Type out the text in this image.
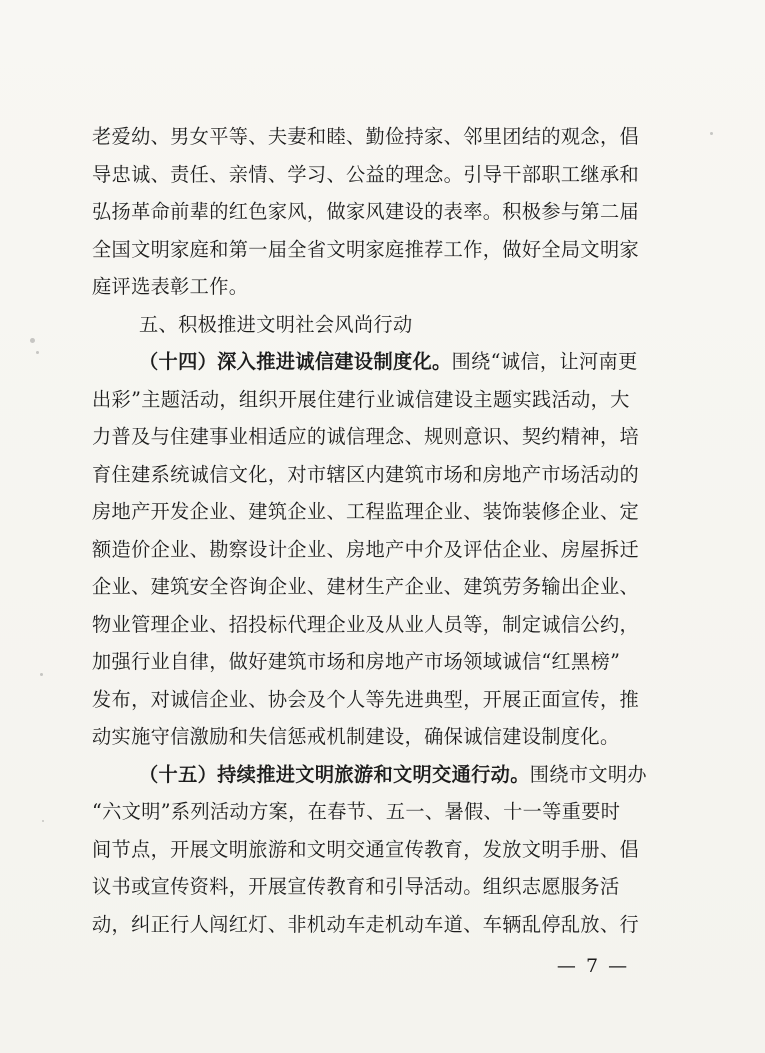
老爱幼、男女平等、夫妻和睦、勤俭持家、邻里团结的观念，倡
导忠诚、责任、亲情、学习、公益的理念。引导干部职工继承和
弘扬革命前辈的红色家风，做家风建设的表率。积极参与第二届
全国文明家庭和第一届全省文明家庭推荐工作，做好全局文明家
庭评选表彰工作。
五、积极推进文明社会风尚行动
（十四）深入推进诚信建设制度化。围绕“诚信，让河南更
出彩”主题活动，组织开展住建行业诚信建设主题实践活动，大
力普及与住建事业相适应的诚信理念、规则意识、契约精神，培
育住建系统诚信文化，对市辖区内建筑市场和房地产市场活动的
房地产开发企业、建筑企业、工程监理企业、装饰装修企业、定
额造价企业、勘察设计企业、房地产中介及评估企业、房屋拆迁
企业、建筑安全咨询企业、建材生产企业、建筑劳务输出企业、
物业管理企业、招投标代理企业及从业人员等，制定诚信公约，
加强行业自律，做好建筑市场和房地产市场领域诚信“红黑榜”
发布，对诚信企业、协会及个人等先进典型，开展正面宣传，推
动实施守信激励和失信惩戒机制建设，确保诚信建设制度化。
（十五）持续推进文明旅游和文明交通行动。围绕市文明办
“六文明”系列活动方案，在春节、五一、暑假、十一等重要时
间节点，开展文明旅游和文明交通宣传教育，发放文明手册、倡
议书或宣传资料，开展宣传教育和引导活动。组织志愿服务活
动，纠正行人闯红灯、非机动车走机动车道、车辆乱停乱放、行
— 7 —
